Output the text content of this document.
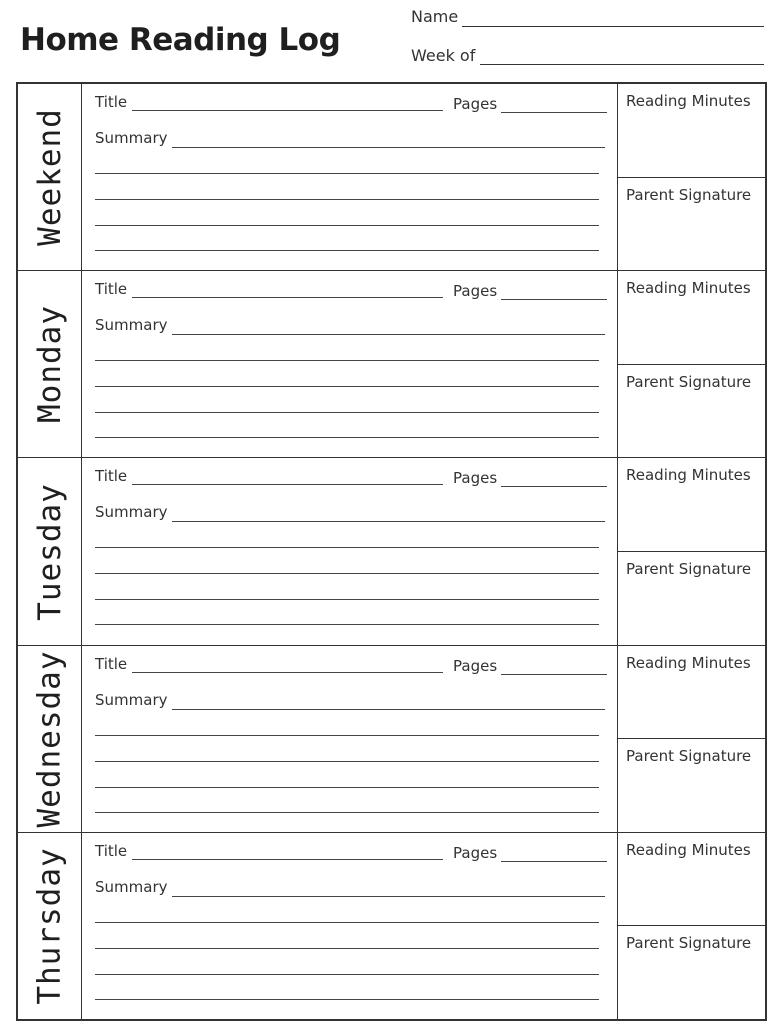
Home Reading Log
Name
Week of
Weekend
Title	Pages
Summary
Reading Minutes
Parent Signature
Monday
Title	Pages
Summary
Reading Minutes
Parent Signature
Tuesday
Title	Pages
Summary
Reading Minutes
Parent Signature
Wednesday Title	Pages
Summary
Reading Minutes
Parent Signature
Thursday Title	Pages
Summary
Reading Minutes
Parent Signature
